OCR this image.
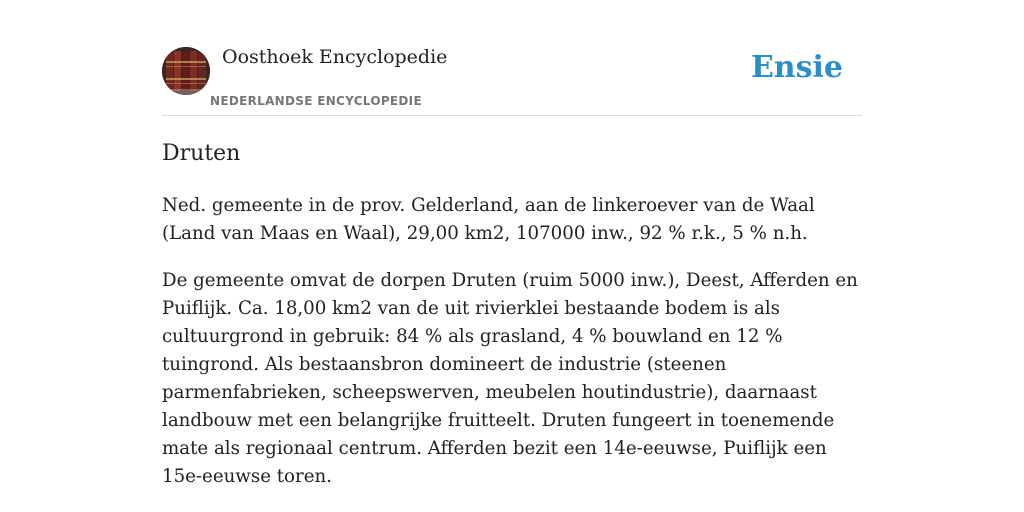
Oosthoek Encyclopedie
NEDERLANDSE ENCYCLOPEDIE
Ensie
Druten

Ned. gemeente in de prov. Gelderland, aan de linkeroever van de Waal (Land van Maas en Waal), 29,00 km2, 107000 inw., 92 % r.k., 5 % n.h.

De gemeente omvat de dorpen Druten (ruim 5000 inw.), Deest, Afferden en Puiflijk. Ca. 18,00 km2 van de uit rivierklei bestaande bodem is als cultuurgrond in gebruik: 84 % als grasland, 4 % bouwland en 12 % tuingrond. Als bestaansbron domineert de industrie (steenen parmenfabrieken, scheepswerven, meubelen houtindustrie), daarnaast landbouw met een belangrijke fruitteelt. Druten fungeert in toenemende mate als regionaal centrum. Afferden bezit een 14e-eeuwse, Puiflijk een 15e-eeuwse toren.
